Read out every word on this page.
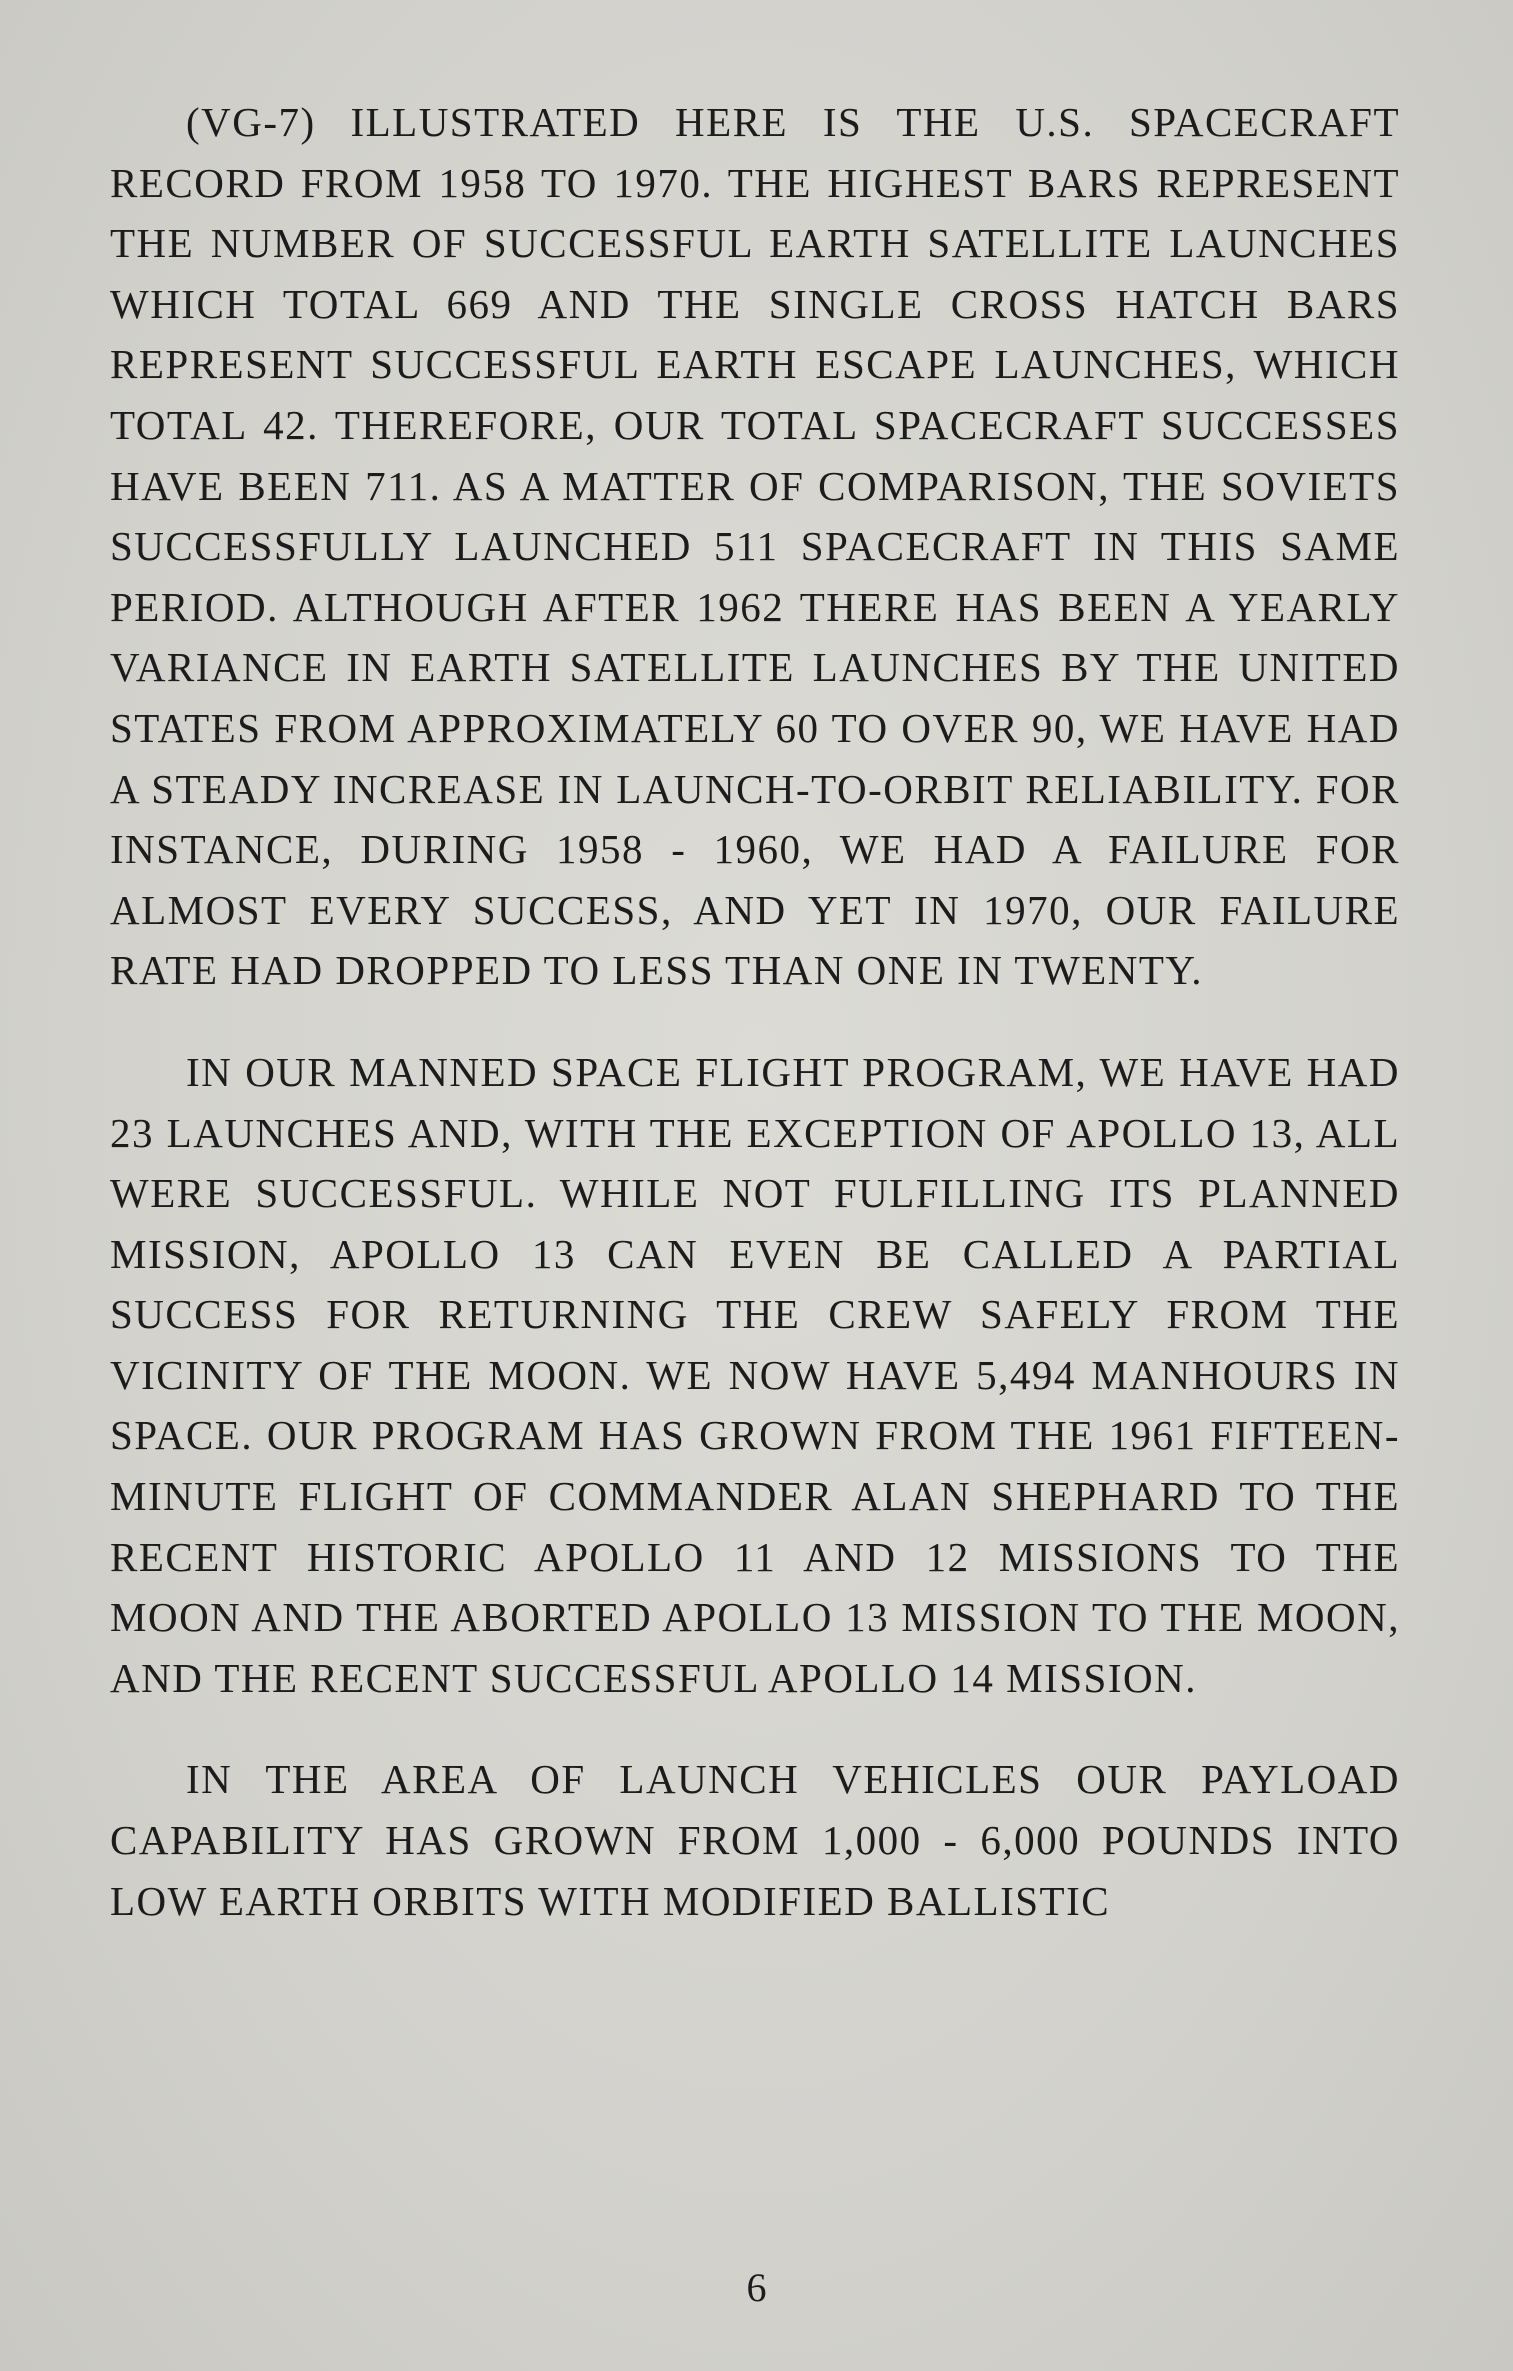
(VG-7) ILLUSTRATED HERE IS THE U.S. SPACECRAFT RECORD FROM 1958 TO 1970. THE HIGHEST BARS REPRESENT THE NUMBER OF SUCCESSFUL EARTH SATELLITE LAUNCHES WHICH TOTAL 669 AND THE SINGLE CROSS HATCH BARS REPRESENT SUCCESSFUL EARTH ESCAPE LAUNCHES, WHICH TOTAL 42. THEREFORE, OUR TOTAL SPACECRAFT SUCCESSES HAVE BEEN 711. AS A MATTER OF COMPARISON, THE SOVIETS SUCCESSFULLY LAUNCHED 511 SPACECRAFT IN THIS SAME PERIOD. ALTHOUGH AFTER 1962 THERE HAS BEEN A YEARLY VARIANCE IN EARTH SATELLITE LAUNCHES BY THE UNITED STATES FROM APPROXIMATELY 60 TO OVER 90, WE HAVE HAD A STEADY INCREASE IN LAUNCH-TO-ORBIT RELIABILITY. FOR INSTANCE, DURING 1958 - 1960, WE HAD A FAILURE FOR ALMOST EVERY SUCCESS, AND YET IN 1970, OUR FAILURE RATE HAD DROPPED TO LESS THAN ONE IN TWENTY.

IN OUR MANNED SPACE FLIGHT PROGRAM, WE HAVE HAD 23 LAUNCHES AND, WITH THE EXCEPTION OF APOLLO 13, ALL WERE SUCCESSFUL. WHILE NOT FULFILLING ITS PLANNED MISSION, APOLLO 13 CAN EVEN BE CALLED A PARTIAL SUCCESS FOR RETURNING THE CREW SAFELY FROM THE VICINITY OF THE MOON. WE NOW HAVE 5,494 MANHOURS IN SPACE. OUR PROGRAM HAS GROWN FROM THE 1961 FIFTEEN-MINUTE FLIGHT OF COMMANDER ALAN SHEPHARD TO THE RECENT HISTORIC APOLLO 11 AND 12 MISSIONS TO THE MOON AND THE ABORTED APOLLO 13 MISSION TO THE MOON, AND THE RECENT SUCCESSFUL APOLLO 14 MISSION.

IN THE AREA OF LAUNCH VEHICLES OUR PAYLOAD CAPABILITY HAS GROWN FROM 1,000 - 6,000 POUNDS INTO LOW EARTH ORBITS WITH MODIFIED BALLISTIC

6
